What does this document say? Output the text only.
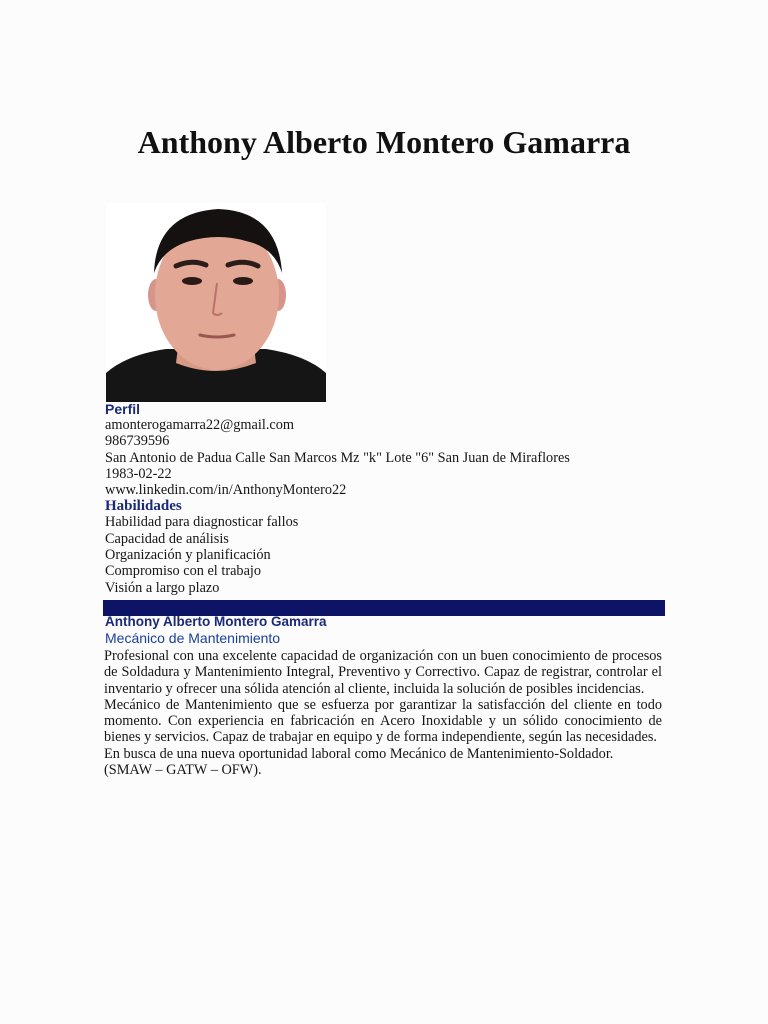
Anthony Alberto Montero Gamarra
Perfil
amonterogamarra22@gmail.com
986739596
San Antonio de Padua Calle San Marcos Mz "k" Lote "6" San Juan de Miraflores
1983-02-22
www.linkedin.com/in/AnthonyMontero22
Habilidades
Habilidad para diagnosticar fallos
Capacidad de análisis
Organización y planificación
Compromiso con el trabajo
Visión a largo plazo
Anthony Alberto Montero Gamarra
Mecánico de Mantenimiento

Profesional con una excelente capacidad de organización con un buen conocimiento de procesos de Soldadura y Mantenimiento Integral, Preventivo y Correctivo. Capaz de registrar, controlar el inventario y ofrecer una sólida atención al cliente, incluida la solución de posibles incidencias.

Mecánico de Mantenimiento que se esfuerza por garantizar la satisfacción del cliente en todo momento. Con experiencia en fabricación en Acero Inoxidable y un sólido conocimiento de bienes y servicios. Capaz de trabajar en equipo y de forma independiente, según las necesidades.

En busca de una nueva oportunidad laboral como Mecánico de Mantenimiento-Soldador. (SMAW – GATW – OFW).
